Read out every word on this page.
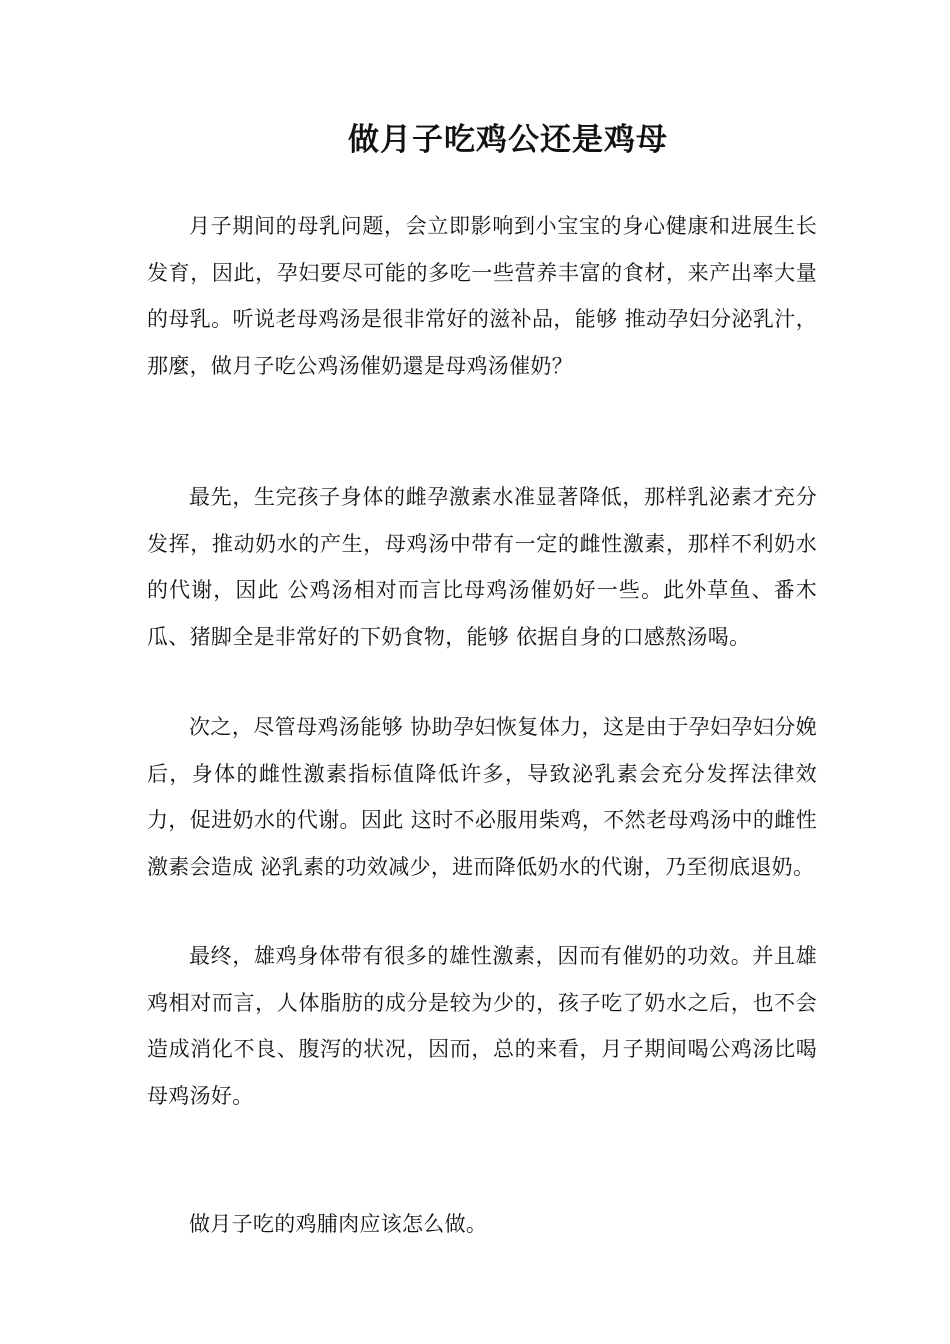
做月子吃鸡公还是鸡母

月子期间的母乳问题，会立即影响到小宝宝的身心健康和进展生长发育，因此，孕妇要尽可能的多吃一些营养丰富的食材，来产出率大量的母乳。听说老母鸡汤是很非常好的滋补品，能够 推动孕妇分泌乳汁，那麼，做月子吃公鸡汤催奶還是母鸡汤催奶？

最先，生完孩子身体的雌孕激素水准显著降低，那样乳泌素才充分发挥，推动奶水的产生，母鸡汤中带有一定的雌性激素，那样不利奶水的代谢，因此 公鸡汤相对而言比母鸡汤催奶好一些。此外草鱼、番木瓜、猪脚全是非常好的下奶食物，能够 依据自身的口感熬汤喝。

次之，尽管母鸡汤能够 协助孕妇恢复体力，这是由于孕妇孕妇分娩后，身体的雌性激素指标值降低许多，导致泌乳素会充分发挥法律效力，促进奶水的代谢。因此 这时不必服用柴鸡，不然老母鸡汤中的雌性激素会造成 泌乳素的功效减少，进而降低奶水的代谢，乃至彻底退奶。

最终，雄鸡身体带有很多的雄性激素，因而有催奶的功效。并且雄鸡相对而言，人体脂肪的成分是较为少的，孩子吃了奶水之后，也不会造成消化不良、腹泻的状况，因而，总的来看，月子期间喝公鸡汤比喝母鸡汤好。

做月子吃的鸡脯肉应该怎么做。
